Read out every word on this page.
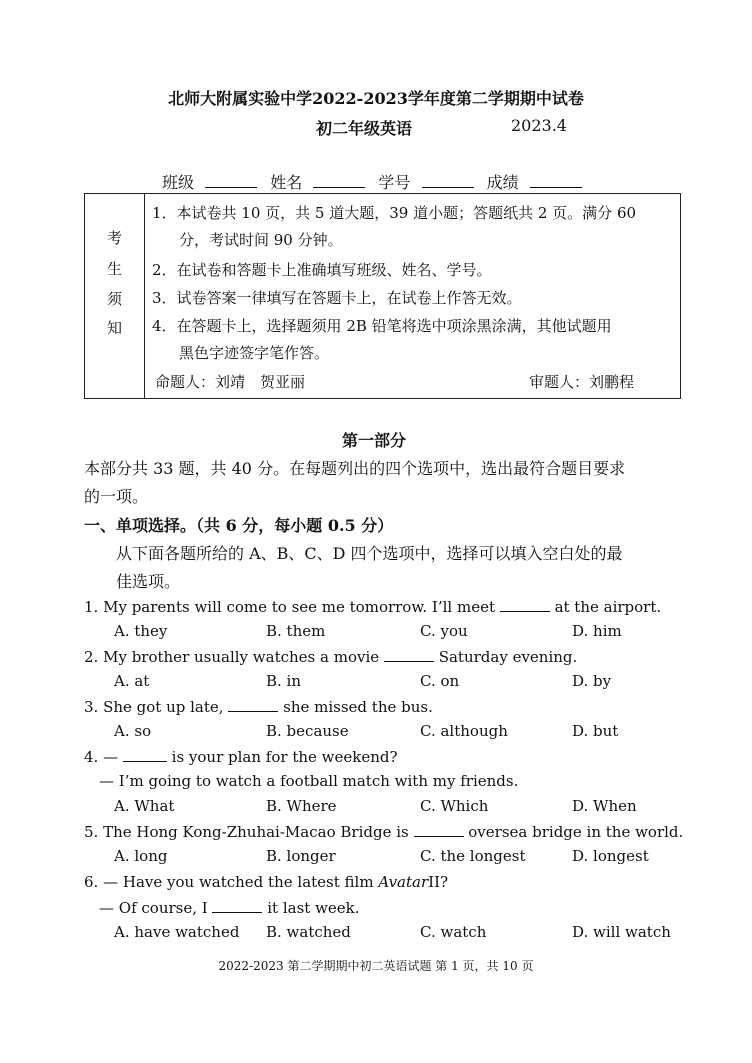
北师大附属实验中学2022-2023学年度第二学期期中试卷
初二年级英语	2023.4
班级	姓名	学号	成绩
考
生
须
知
1．本试卷共 10 页，共 5 道大题，39 道小题；答题纸共 2 页。满分 60
分，考试时间 90 分钟。
2．在试卷和答题卡上准确填写班级、姓名、学号。
3．试卷答案一律填写在答题卡上，在试卷上作答无效。
4．在答题卡上，选择题须用 2B 铅笔将选中项涂黑涂满，其他试题用
黑色字迹签字笔作答。
命题人：刘靖　贺亚丽	审题人：刘鹏程
第一部分
本部分共 33 题，共 40 分。在每题列出的四个选项中，选出最符合题目要求
的一项。
一、单项选择。（共 6 分，每小题 0.5 分）
从下面各题所给的 A、B、C、D 四个选项中，选择可以填入空白处的最
佳选项。
1. My parents will come to see me tomorrow. I’ll meet	at the airport.
A. they	B. them	C. you	D. him
2. My brother usually watches a movie	Saturday evening.
A. at	B. in	C. on	D. by
3. She got up late,	she missed the bus.
A. so	B. because	C. although	D. but
4. —	is your plan for the weekend?
— I’m going to watch a football match with my friends.
A. What	B. Where	C. Which	D. When
5. The Hong Kong-Zhuhai-Macao Bridge is	oversea bridge in the world.
A. long	B. longer	C. the longest	D. longest
6. — Have you watched the latest film AvatarII?
— Of course, I	it last week.
A. have watched B. watched	C. watch	D. will watch
2022-2023 第二学期期中初二英语试题 第 1 页，共 10 页
